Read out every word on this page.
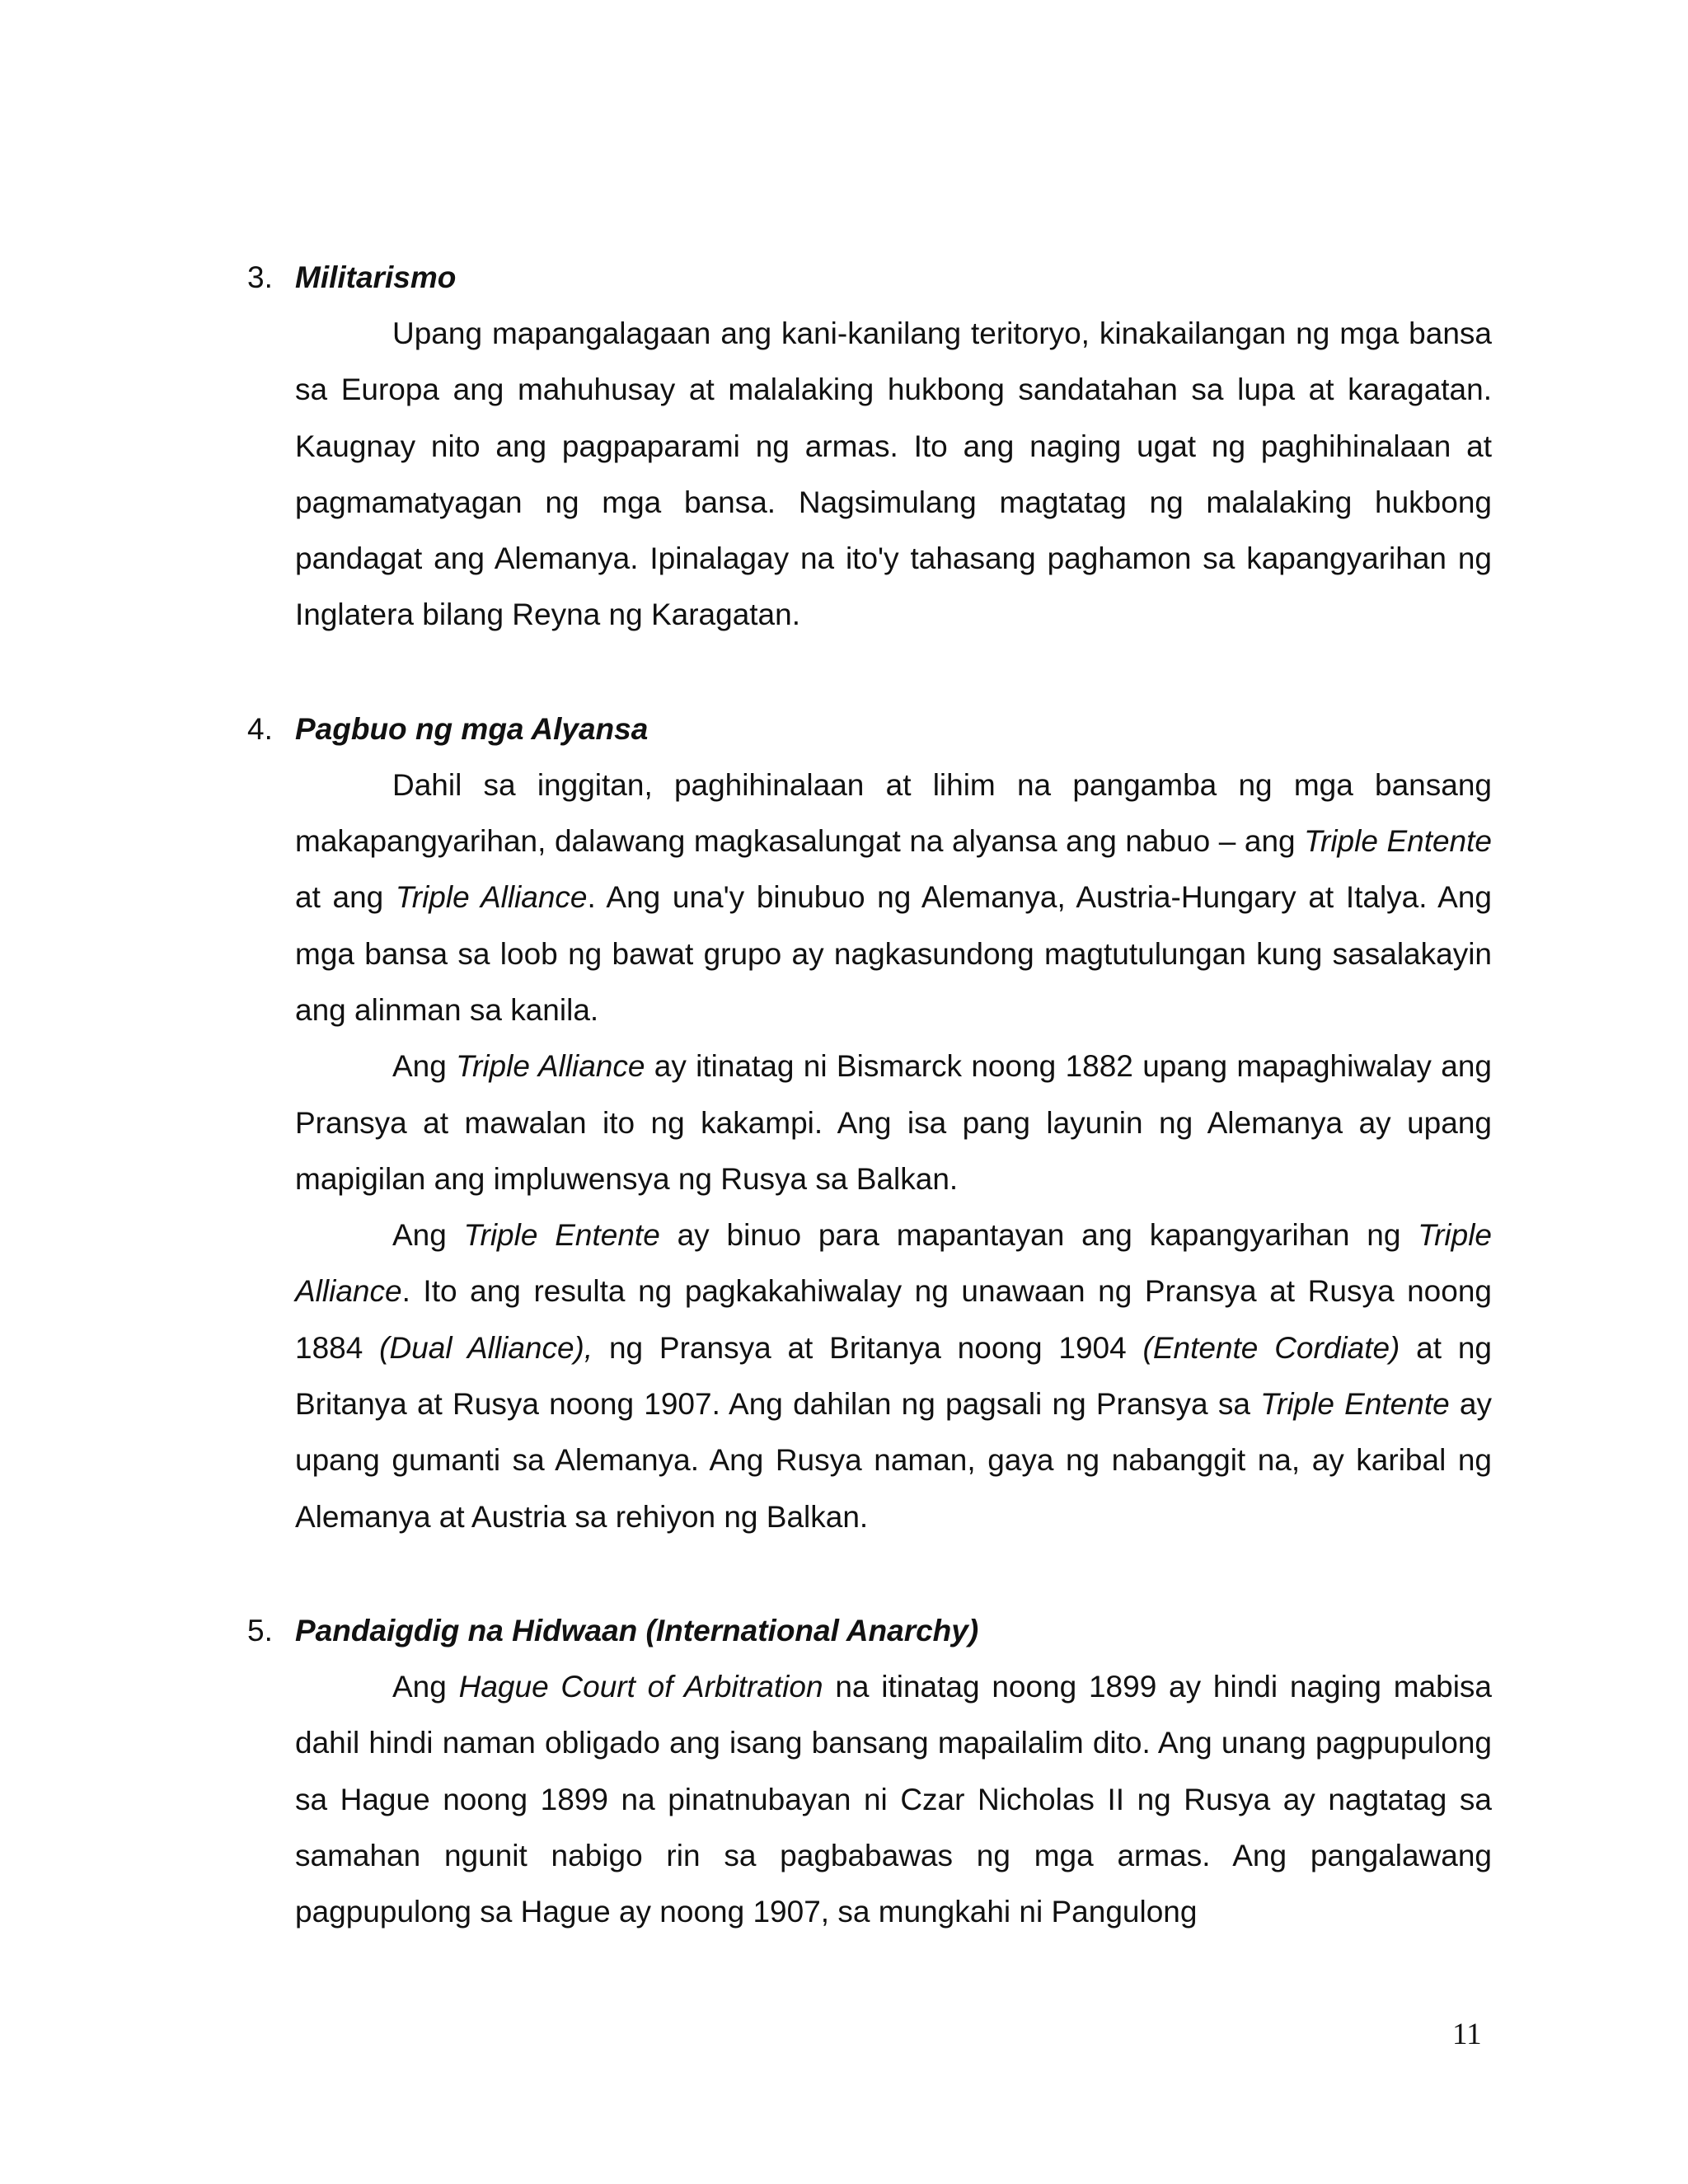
3. Militarismo

Upang mapangalagaan ang kani-kanilang teritoryo, kinakailangan ng mga bansa sa Europa ang mahuhusay at malalaking hukbong sandatahan sa lupa at karagatan. Kaugnay nito ang pagpaparami ng armas. Ito ang naging ugat ng paghihinalaan at pagmamatyagan ng mga bansa. Nagsimulang magtatag ng malalaking hukbong pandagat ang Alemanya. Ipinalagay na ito'y tahasang paghamon sa kapangyarihan ng Inglatera bilang Reyna ng Karagatan.

4. Pagbuo ng mga Alyansa

Dahil sa inggitan, paghihinalaan at lihim na pangamba ng mga bansang makapangyarihan, dalawang magkasalungat na alyansa ang nabuo – ang Triple Entente at ang Triple Alliance. Ang una'y binubuo ng Alemanya, Austria-Hungary at Italya. Ang mga bansa sa loob ng bawat grupo ay nagkasundong magtutulungan kung sasalakayin ang alinman sa kanila.

Ang Triple Alliance ay itinatag ni Bismarck noong 1882 upang mapaghiwalay ang Pransya at mawalan ito ng kakampi. Ang isa pang layunin ng Alemanya ay upang mapigilan ang impluwensya ng Rusya sa Balkan.

Ang Triple Entente ay binuo para mapantayan ang kapangyarihan ng Triple Alliance. Ito ang resulta ng pagkakahiwalay ng unawaan ng Pransya at Rusya noong 1884 (Dual Alliance), ng Pransya at Britanya noong 1904 (Entente Cordiate) at ng Britanya at Rusya noong 1907. Ang dahilan ng pagsali ng Pransya sa Triple Entente ay upang gumanti sa Alemanya. Ang Rusya naman, gaya ng nabanggit na, ay karibal ng Alemanya at Austria sa rehiyon ng Balkan.

5. Pandaigdig na Hidwaan (International Anarchy)

Ang Hague Court of Arbitration na itinatag noong 1899 ay hindi naging mabisa dahil hindi naman obligado ang isang bansang mapailalim dito. Ang unang pagpupulong sa Hague noong 1899 na pinatnubayan ni Czar Nicholas II ng Rusya ay nagtatag sa samahan ngunit nabigo rin sa pagbabawas ng mga armas. Ang pangalawang pagpupulong sa Hague ay noong 1907, sa mungkahi ni Pangulong

11
